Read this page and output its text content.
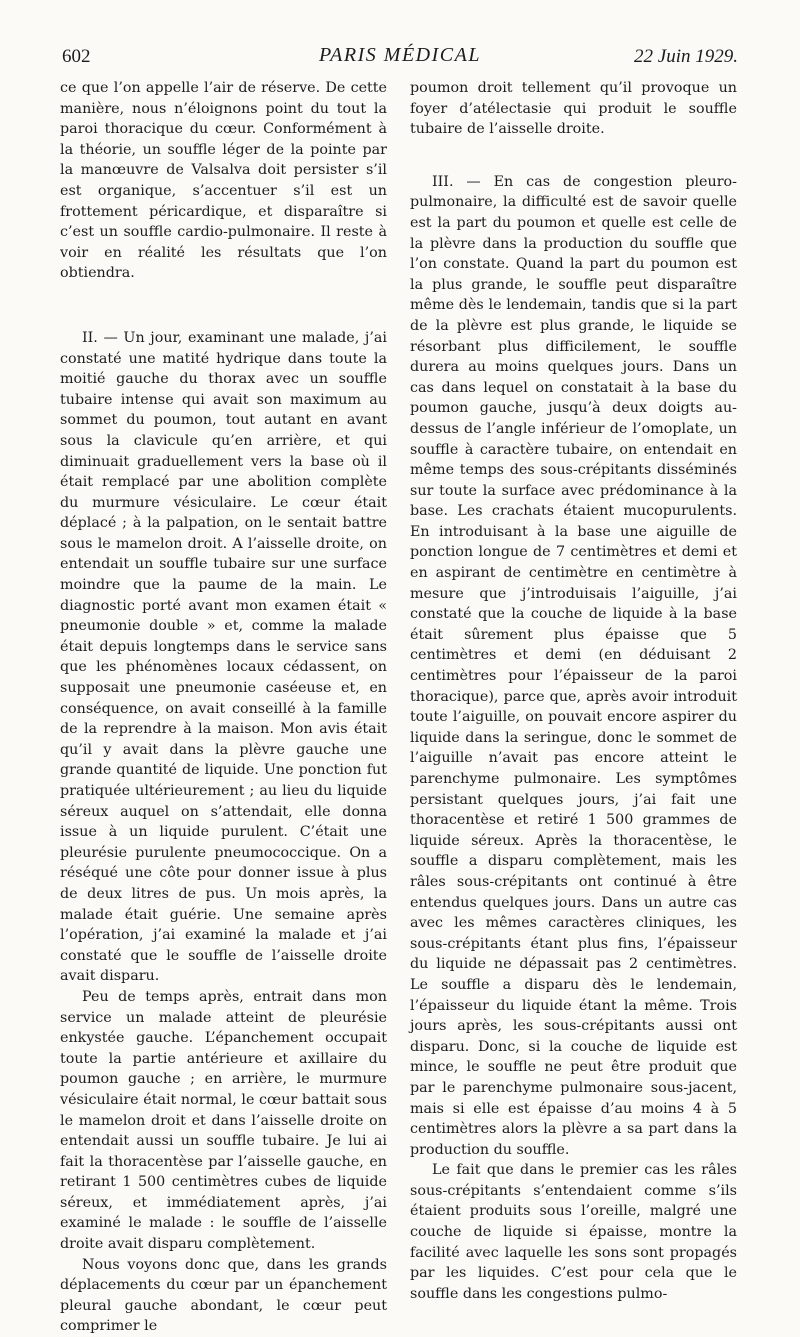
602	PARIS MÉDICAL	22 Juin 1929.

ce que l’on appelle l’air de réserve. De cette manière, nous n’éloignons point du tout la paroi thoracique du cœur. Conformément à la théorie, un souffle léger de la pointe par la manœuvre de Valsalva doit persister s’il est organique, s’accentuer s’il est un frottement péricardique, et disparaître si c’est un souffle cardio-pulmonaire. Il reste à voir en réalité les résultats que l’on obtiendra.

II. — Un jour, examinant une malade, j’ai constaté une matité hydrique dans toute la moitié gauche du thorax avec un souffle tubaire intense qui avait son maximum au sommet du poumon, tout autant en avant sous la clavicule qu’en arrière, et qui diminuait graduellement vers la base où il était remplacé par une abolition complète du murmure vésiculaire. Le cœur était déplacé ; à la palpation, on le sentait battre sous le mamelon droit. A l’aisselle droite, on entendait un souffle tubaire sur une surface moindre que la paume de la main. Le diagnostic porté avant mon examen était « pneumonie double » et, comme la malade était depuis longtemps dans le service sans que les phénomènes locaux cédassent, on supposait une pneumonie caséeuse et, en conséquence, on avait conseillé à la famille de la reprendre à la maison. Mon avis était qu’il y avait dans la plèvre gauche une grande quantité de liquide. Une ponction fut pratiquée ultérieurement ; au lieu du liquide séreux auquel on s’attendait, elle donna issue à un liquide purulent. C’était une pleurésie purulente pneumococcique. On a réséqué une côte pour donner issue à plus de deux litres de pus. Un mois après, la malade était guérie. Une semaine après l’opération, j’ai examiné la malade et j’ai constaté que le souffle de l’aisselle droite avait disparu.

Peu de temps après, entrait dans mon service un malade atteint de pleurésie enkystée gauche. L’épanchement occupait toute la partie antérieure et axillaire du poumon gauche ; en arrière, le murmure vésiculaire était normal, le cœur battait sous le mamelon droit et dans l’aisselle droite on entendait aussi un souffle tubaire. Je lui ai fait la thoracentèse par l’aisselle gauche, en retirant 1 500 centimètres cubes de liquide séreux, et immédiatement après, j’ai examiné le malade : le souffle de l’aisselle droite avait disparu complètement.

Nous voyons donc que, dans les grands déplacements du cœur par un épanchement pleural gauche abondant, le cœur peut comprimer le

poumon droit tellement qu’il provoque un foyer d’atélectasie qui produit le souffle tubaire de l’aisselle droite.

III. — En cas de congestion pleuro-pulmonaire, la difficulté est de savoir quelle est la part du poumon et quelle est celle de la plèvre dans la production du souffle que l’on constate. Quand la part du poumon est la plus grande, le souffle peut disparaître même dès le lendemain, tandis que si la part de la plèvre est plus grande, le liquide se résorbant plus difficilement, le souffle durera au moins quelques jours. Dans un cas dans lequel on constatait à la base du poumon gauche, jusqu’à deux doigts au-dessus de l’angle inférieur de l’omoplate, un souffle à caractère tubaire, on entendait en même temps des sous-crépitants disséminés sur toute la surface avec prédominance à la base. Les crachats étaient mucopurulents. En introduisant à la base une aiguille de ponction longue de 7 centimètres et demi et en aspirant de centimètre en centimètre à mesure que j’introduisais l’aiguille, j’ai constaté que la couche de liquide à la base était sûrement plus épaisse que 5 centimètres et demi (en déduisant 2 centimètres pour l’épaisseur de la paroi thoracique), parce que, après avoir introduit toute l’aiguille, on pouvait encore aspirer du liquide dans la seringue, donc le sommet de l’aiguille n’avait pas encore atteint le parenchyme pulmonaire. Les symptômes persistant quelques jours, j’ai fait une thoracentèse et retiré 1 500 grammes de liquide séreux. Après la thoracentèse, le souffle a disparu complètement, mais les râles sous-crépitants ont continué à être entendus quelques jours. Dans un autre cas avec les mêmes caractères cliniques, les sous-crépitants étant plus fins, l’épaisseur du liquide ne dépassait pas 2 centimètres. Le souffle a disparu dès le lendemain, l’épaisseur du liquide étant la même. Trois jours après, les sous-crépitants aussi ont disparu. Donc, si la couche de liquide est mince, le souffle ne peut être produit que par le parenchyme pulmonaire sous-jacent, mais si elle est épaisse d’au moins 4 à 5 centimètres alors la plèvre a sa part dans la production du souffle.

Le fait que dans le premier cas les râles sous-crépitants s’entendaient comme s’ils étaient produits sous l’oreille, malgré une couche de liquide si épaisse, montre la facilité avec laquelle les sons sont propagés par les liquides. C’est pour cela que le souffle dans les congestions pulmo-
